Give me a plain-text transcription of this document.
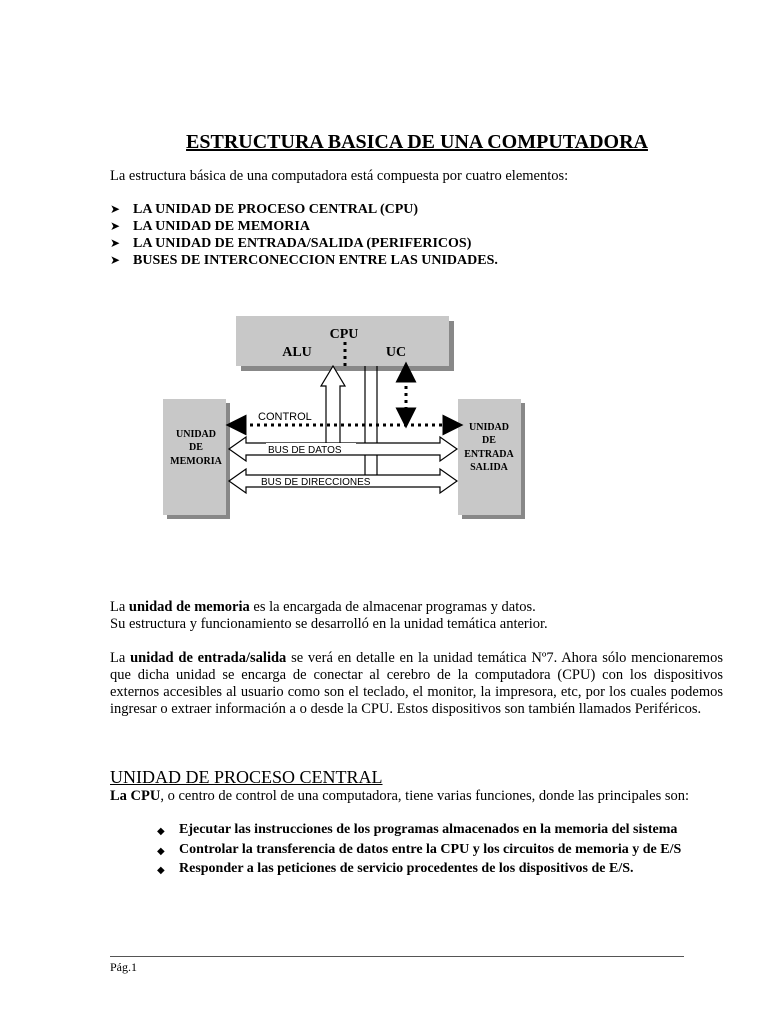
ESTRUCTURA BASICA DE UNA COMPUTADORA
La estructura básica de una computadora está compuesta por cuatro elementos:
➤ LA UNIDAD DE PROCESO CENTRAL (CPU)
➤ LA UNIDAD DE MEMORIA
➤ LA UNIDAD DE ENTRADA/SALIDA (PERIFERICOS)
➤ BUSES DE INTERCONECCION ENTRE LAS UNIDADES.
CPU
ALU	UC
UNIDAD
DE
MEMORIA
UNIDAD
DE
ENTRADA
SALIDA
CONTROL
BUS DE DATOS
BUS DE DIRECCIONES
La unidad de memoria es la encargada de almacenar programas y datos.
Su estructura y funcionamiento se desarrolló en la unidad temática anterior.
La unidad de entrada/salida se verá en detalle en la unidad temática Nº7. Ahora sólo mencionaremos que dicha unidad se encarga de conectar al cerebro de la computadora (CPU) con los dispositivos externos accesibles al usuario como son el teclado, el monitor, la impresora, etc, por los cuales podemos ingresar o extraer información a o desde la CPU. Estos dispositivos son también llamados Periféricos.
UNIDAD DE PROCESO CENTRAL
La CPU, o centro de control de una computadora, tiene varias funciones, donde las principales son:
◆	Ejecutar las instrucciones de los programas almacenados en la memoria del sistema
◆	Controlar la transferencia de datos entre la CPU y los circuitos de memoria y de E/S
◆	Responder a las peticiones de servicio procedentes de los dispositivos de E/S.
Pág.1
